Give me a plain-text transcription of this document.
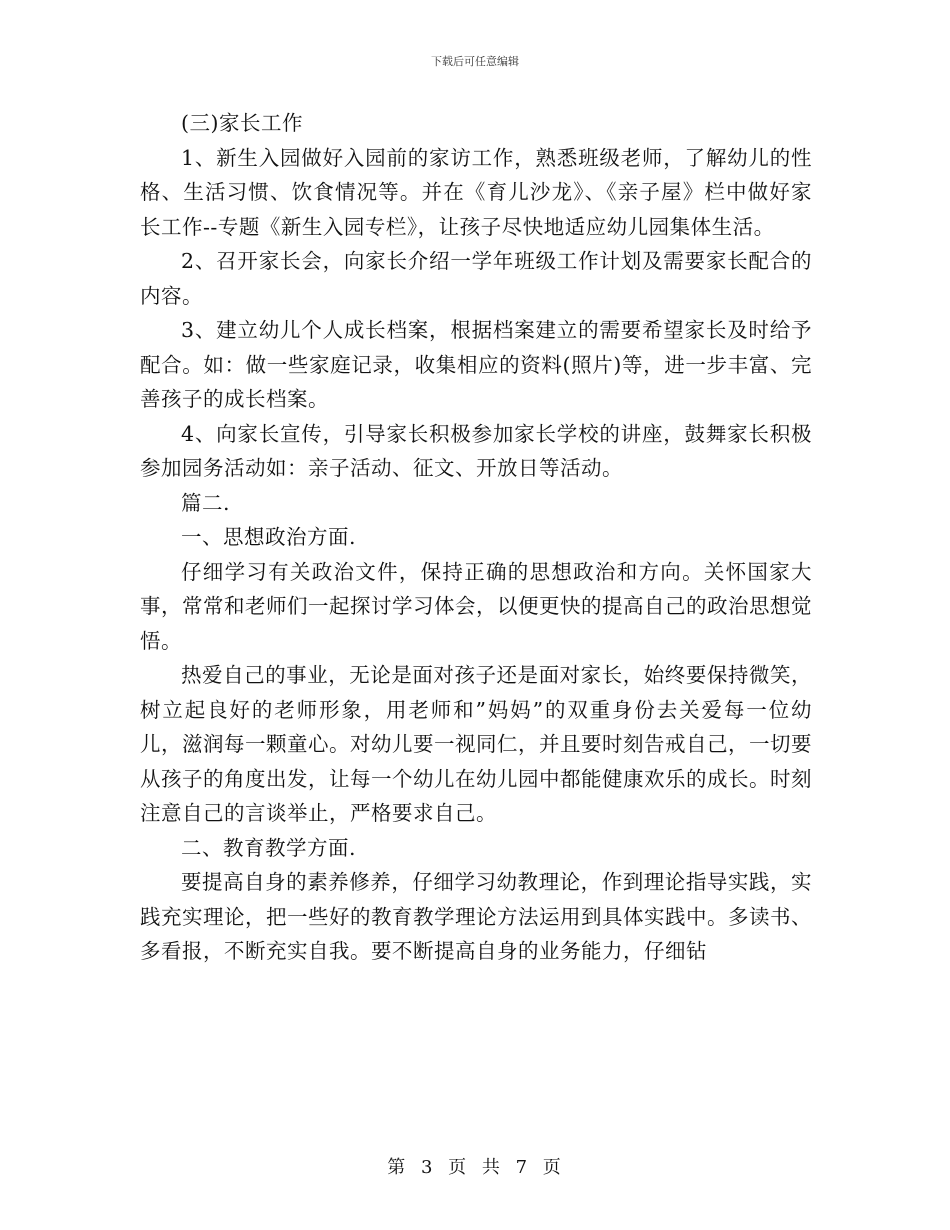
下载后可任意编辑

(三)家长工作

1、新生入园做好入园前的家访工作，熟悉班级老师，了解幼儿的性格、生活习惯、饮食情况等。并在《育儿沙龙》、《亲子屋》栏中做好家长工作--专题《新生入园专栏》，让孩子尽快地适应幼儿园集体生活。

2、召开家长会，向家长介绍一学年班级工作计划及需要家长配合的内容。

3、建立幼儿个人成长档案，根据档案建立的需要希望家长及时给予配合。如：做一些家庭记录，收集相应的资料(照片)等，进一步丰富、完善孩子的成长档案。

4、向家长宣传，引导家长积极参加家长学校的讲座，鼓舞家长积极参加园务活动如：亲子活动、征文、开放日等活动。

篇二.

一、思想政治方面.

仔细学习有关政治文件，保持正确的思想政治和方向。关怀国家大事，常常和老师们一起探讨学习体会，以便更快的提高自己的政治思想觉悟。

热爱自己的事业，无论是面对孩子还是面对家长，始终要保持微笑，树立起良好的老师形象，用老师和”妈妈”的双重身份去关爱每一位幼儿，滋润每一颗童心。对幼儿要一视同仁，并且要时刻告戒自己，一切要从孩子的角度出发，让每一个幼儿在幼儿园中都能健康欢乐的成长。时刻注意自己的言谈举止，严格要求自己。

二、教育教学方面.

要提高自身的素养修养，仔细学习幼教理论，作到理论指导实践，实践充实理论，把一些好的教育教学理论方法运用到具体实践中。多读书、多看报，不断充实自我。要不断提高自身的业务能力，仔细钻

第 3 页 共 7 页
